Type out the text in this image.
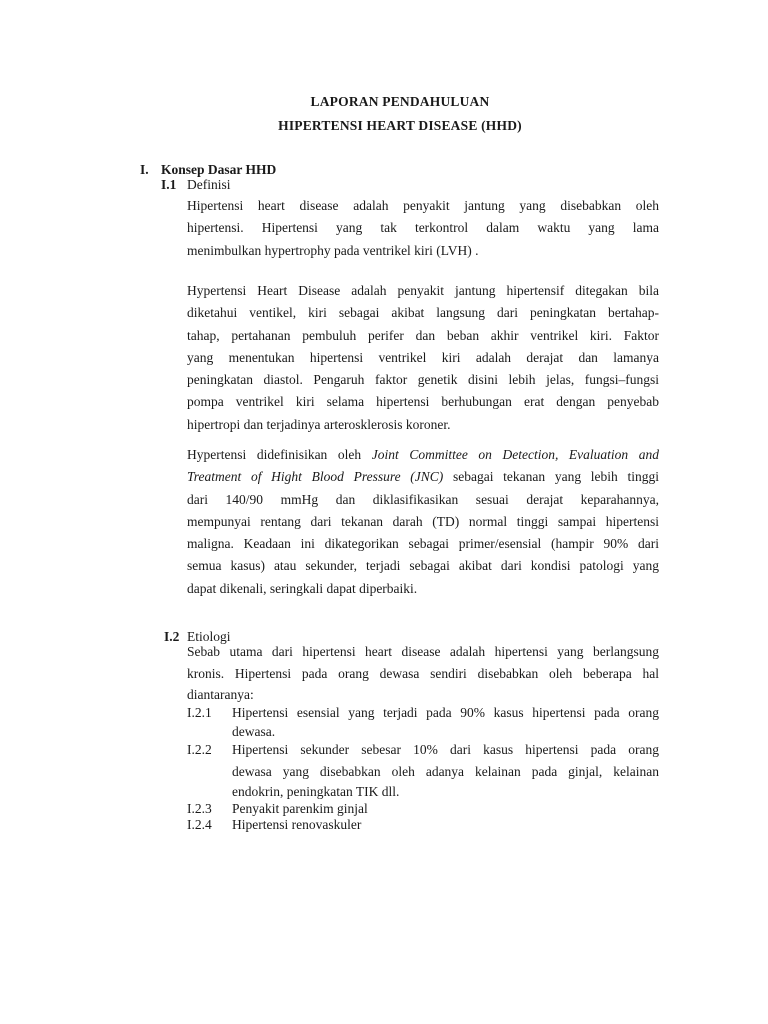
LAPORAN PENDAHULUAN
HIPERTENSI HEART DISEASE (HHD)
I. Konsep Dasar HHD
I.1 Definisi
Hipertensi heart disease adalah penyakit jantung yang disebabkan oleh
hipertensi. Hipertensi yang tak terkontrol dalam waktu yang lama
menimbulkan hypertrophy pada ventrikel kiri (LVH) .
Hypertensi Heart Disease adalah penyakit jantung hipertensif ditegakan bila
diketahui ventikel, kiri sebagai akibat langsung dari peningkatan bertahap-
tahap, pertahanan pembuluh perifer dan beban akhir ventrikel kiri. Faktor
yang menentukan hipertensi ventrikel kiri adalah derajat dan lamanya
peningkatan diastol. Pengaruh faktor genetik disini lebih jelas, fungsi–fungsi
pompa ventrikel kiri selama hipertensi berhubungan erat dengan penyebab
hipertropi dan terjadinya arterosklerosis koroner.
Hypertensi didefinisikan oleh Joint Committee on Detection, Evaluation and
Treatment of Hight Blood Pressure (JNC) sebagai tekanan yang lebih tinggi
dari 140/90 mmHg dan diklasifikasikan sesuai derajat keparahannya,
mempunyai rentang dari tekanan darah (TD) normal tinggi sampai hipertensi
maligna. Keadaan ini dikategorikan sebagai primer/esensial (hampir 90% dari
semua kasus) atau sekunder, terjadi sebagai akibat dari kondisi patologi yang
dapat dikenali, seringkali dapat diperbaiki.
I.2 Etiologi
Sebab utama dari hipertensi heart disease adalah hipertensi yang berlangsung
kronis. Hipertensi pada orang dewasa sendiri disebabkan oleh beberapa hal
diantaranya:
I.2.1 Hipertensi esensial yang terjadi pada 90% kasus hipertensi pada orang
dewasa.
I.2.2 Hipertensi sekunder sebesar 10% dari kasus hipertensi pada orang
dewasa yang disebabkan oleh adanya kelainan pada ginjal, kelainan
endokrin, peningkatan TIK dll.
I.2.3 Penyakit parenkim ginjal
I.2.4 Hipertensi renovaskuler
